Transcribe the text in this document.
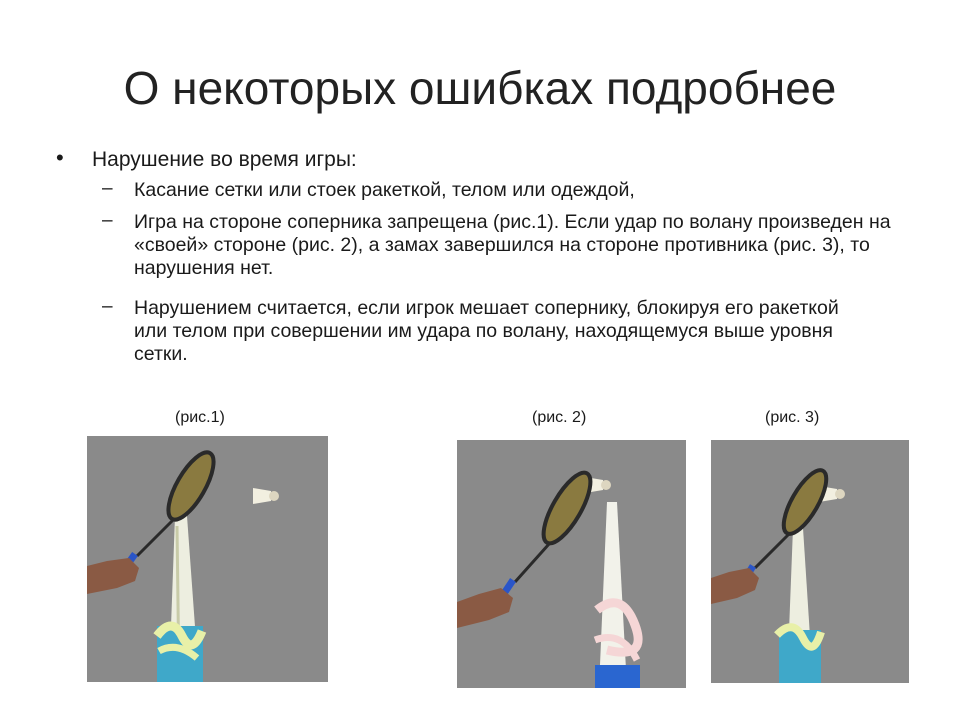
О некоторых ошибках подробнее
• Нарушение во время игры:
– Касание сетки или стоек ракеткой, телом или одеждой,
– Игра на стороне соперника запрещена (рис.1). Если удар по волану произведен на «своей» стороне (рис. 2), а замах завершился на стороне противника (рис. 3), то нарушения нет.
– Нарушением считается, если игрок мешает сопернику, блокируя его ракеткой или телом при совершении им удара по волану, находящемуся выше уровня сетки.
(рис.1)	(рис. 2)	(рис. 3)
